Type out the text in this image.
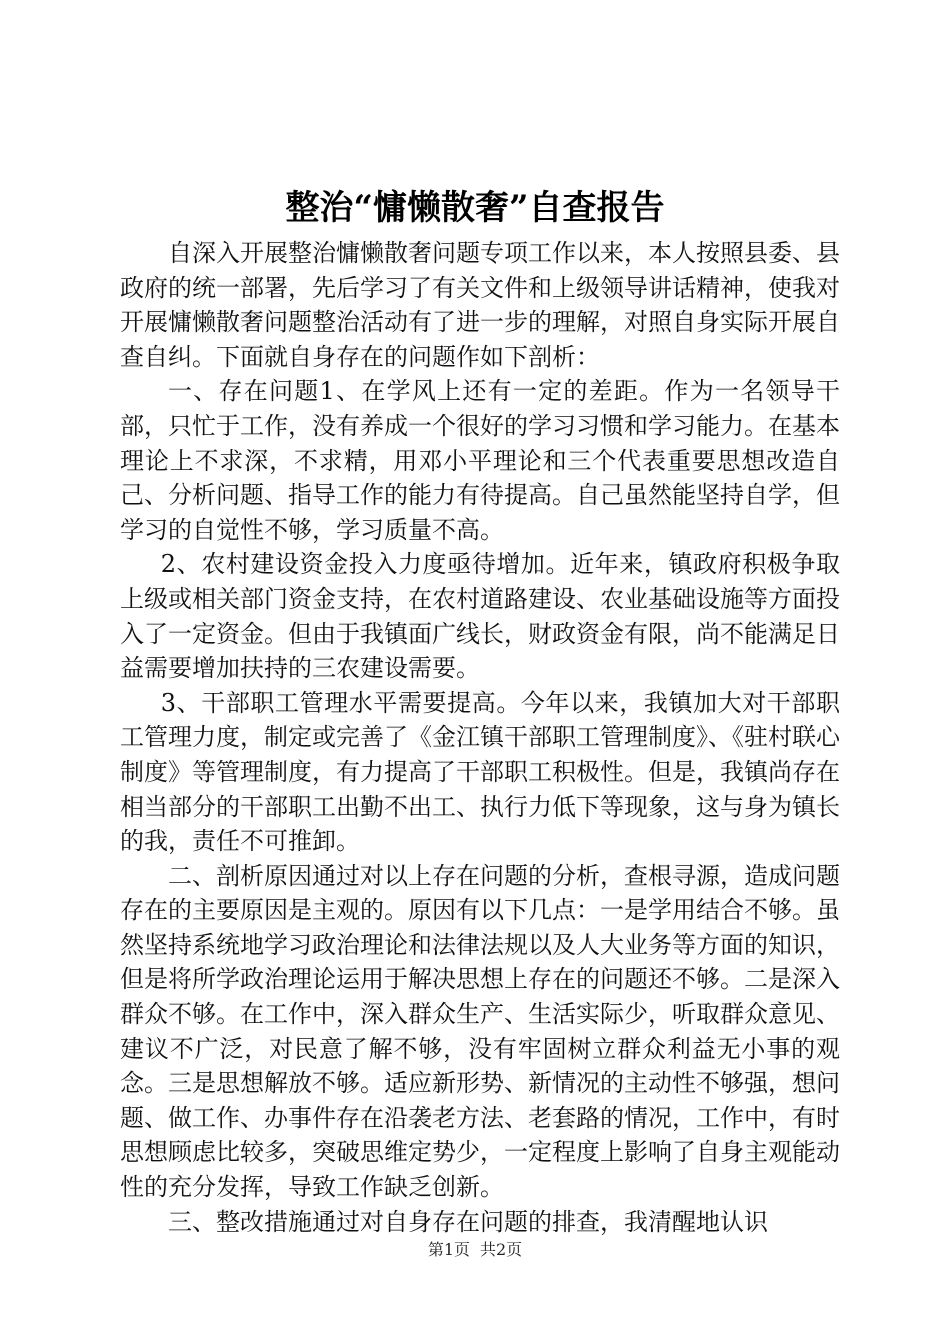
整治“慵懒散奢”自查报告

自深入开展整治慵懒散奢问题专项工作以来，本人按照县委、县政府的统一部署，先后学习了有关文件和上级领导讲话精神，使我对开展慵懒散奢问题整治活动有了进一步的理解，对照自身实际开展自查自纠。下面就自身存在的问题作如下剖析：

一、存在问题1、在学风上还有一定的差距。作为一名领导干部，只忙于工作，没有养成一个很好的学习习惯和学习能力。在基本理论上不求深，不求精，用邓小平理论和三个代表重要思想改造自己、分析问题、指导工作的能力有待提高。自己虽然能坚持自学，但学习的自觉性不够，学习质量不高。

2、农村建设资金投入力度亟待增加。近年来，镇政府积极争取上级或相关部门资金支持，在农村道路建设、农业基础设施等方面投入了一定资金。但由于我镇面广线长，财政资金有限，尚不能满足日益需要增加扶持的三农建设需要。

3、干部职工管理水平需要提高。今年以来，我镇加大对干部职工管理力度，制定或完善了《金江镇干部职工管理制度》、《驻村联心制度》等管理制度，有力提高了干部职工积极性。但是，我镇尚存在相当部分的干部职工出勤不出工、执行力低下等现象，这与身为镇长的我，责任不可推卸。

二、剖析原因通过对以上存在问题的分析，查根寻源，造成问题存在的主要原因是主观的。原因有以下几点：一是学用结合不够。虽然坚持系统地学习政治理论和法律法规以及人大业务等方面的知识，但是将所学政治理论运用于解决思想上存在的问题还不够。二是深入群众不够。在工作中，深入群众生产、生活实际少，听取群众意见、建议不广泛，对民意了解不够，没有牢固树立群众利益无小事的观念。三是思想解放不够。适应新形势、新情况的主动性不够强，想问题、做工作、办事件存在沿袭老方法、老套路的情况，工作中，有时思想顾虑比较多，突破思维定势少，一定程度上影响了自身主观能动性的充分发挥，导致工作缺乏创新。

三、整改措施通过对自身存在问题的排查，我清醒地认识

第1页 共2页
